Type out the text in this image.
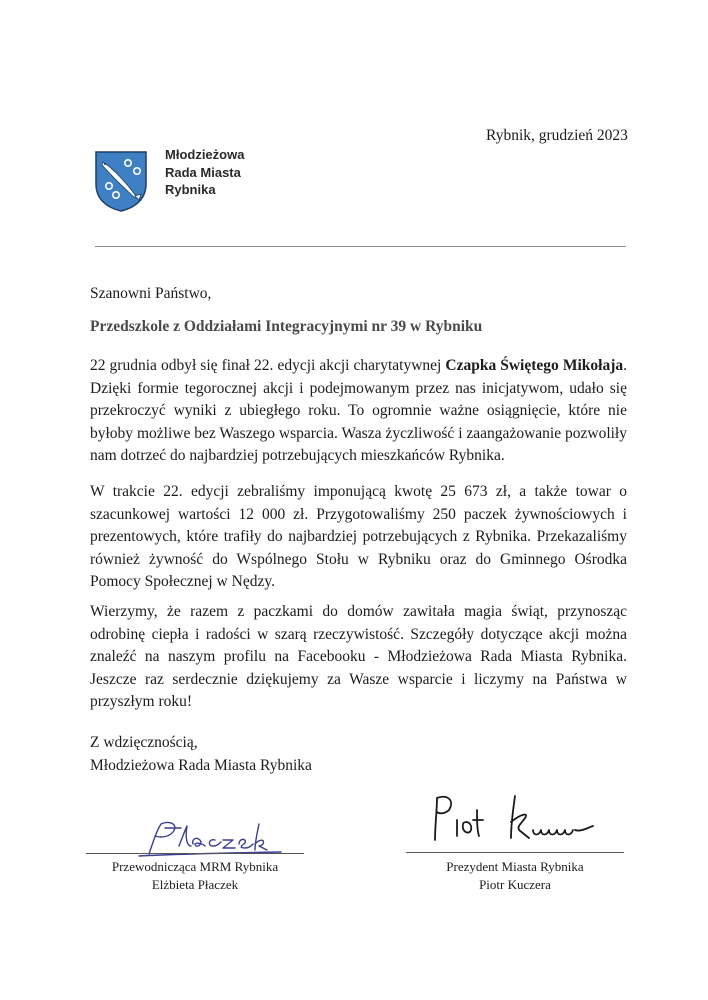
Rybnik, grudzień 2023
Młodzieżowa
Rada Miasta
Rybnika
Szanowni Państwo,
Przedszkole z Oddziałami Integracyjnymi nr 39 w Rybniku
22 grudnia odbył się finał 22. edycji akcji charytatywnej Czapka Świętego Mikołaja. Dzięki formie tegorocznej akcji i podejmowanym przez nas inicjatywom, udało się przekroczyć wyniki z ubiegłego roku. To ogromnie ważne osiągnięcie, które nie byłoby możliwe bez Waszego wsparcia. Wasza życzliwość i zaangażowanie pozwoliły nam dotrzeć do najbardziej potrzebujących mieszkańców Rybnika.
W trakcie 22. edycji zebraliśmy imponującą kwotę 25 673 zł, a także towar o szacunkowej wartości 12 000 zł. Przygotowaliśmy 250 paczek żywnościowych i prezentowych, które trafiły do najbardziej potrzebujących z Rybnika. Przekazaliśmy również żywność do Wspólnego Stołu w Rybniku oraz do Gminnego Ośrodka Pomocy Społecznej w Nędzy.
Wierzymy, że razem z paczkami do domów zawitała magia świąt, przynosząc odrobinę ciepła i radości w szarą rzeczywistość. Szczegóły dotyczące akcji można znaleźć na naszym profilu na Facebooku - Młodzieżowa Rada Miasta Rybnika. Jeszcze raz serdecznie dziękujemy za Wasze wsparcie i liczymy na Państwa w przyszłym roku!
Z wdzięcznością,
Młodzieżowa Rada Miasta Rybnika
Przewodnicząca MRM Rybnika
Elżbieta Płaczek
Prezydent Miasta Rybnika
Piotr Kuczera
